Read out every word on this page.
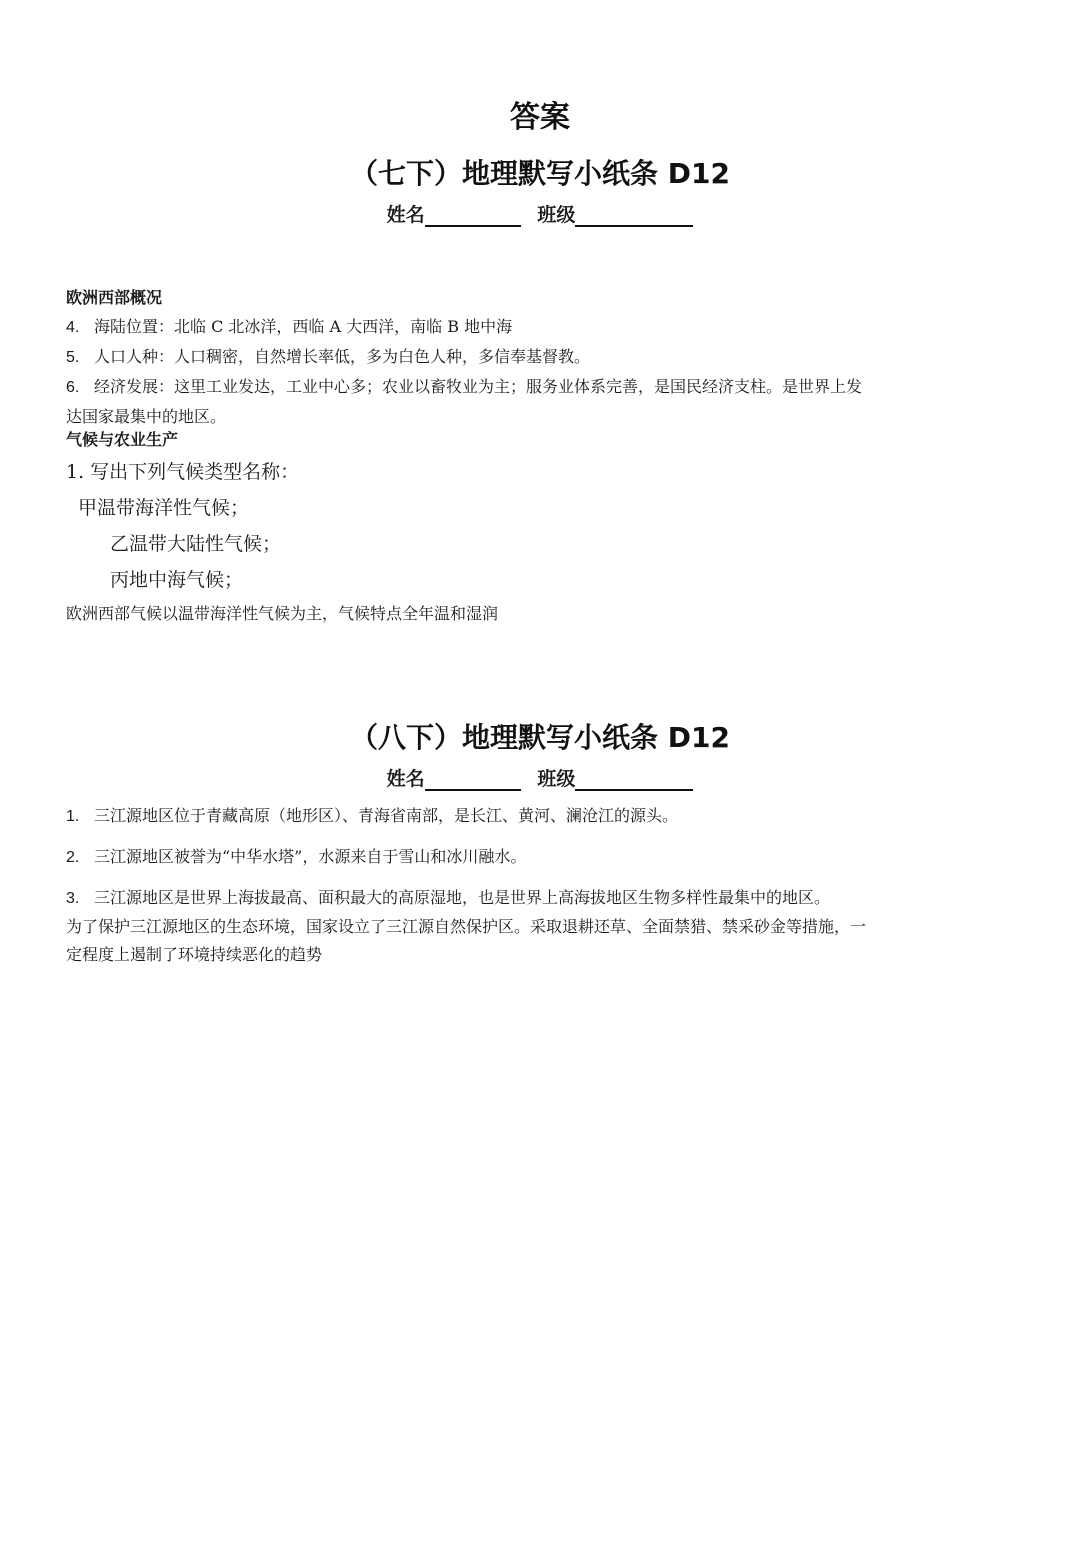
答案
（七下）地理默写小纸条 D12
姓名	班级

欧洲西部概况

4. 海陆位置：北临 C 北冰洋，西临 A 大西洋，南临 B 地中海

5. 人口人种：人口稠密，自然增长率低，多为白色人种，多信奉基督教。

6. 经济发展：这里工业发达，工业中心多；农业以畜牧业为主；服务业体系完善，是国民经济支柱。是世界上发

达国家最集中的地区。

气候与农业生产

1. 写出下列气候类型名称：

甲温带海洋性气候；

乙温带大陆性气候；

丙地中海气候；

欧洲西部气候以温带海洋性气候为主，气候特点全年温和湿润

（八下）地理默写小纸条 D12
姓名	班级

1. 三江源地区位于青藏高原（地形区）、青海省南部，是长江、黄河、澜沧江的源头。

2. 三江源地区被誉为“中华水塔”，水源来自于雪山和冰川融水。

3. 三江源地区是世界上海拔最高、面积最大的高原湿地，也是世界上高海拔地区生物多样性最集中的地区。

为了保护三江源地区的生态环境，国家设立了三江源自然保护区。采取退耕还草、全面禁猎、禁采砂金等措施，一

定程度上遏制了环境持续恶化的趋势
